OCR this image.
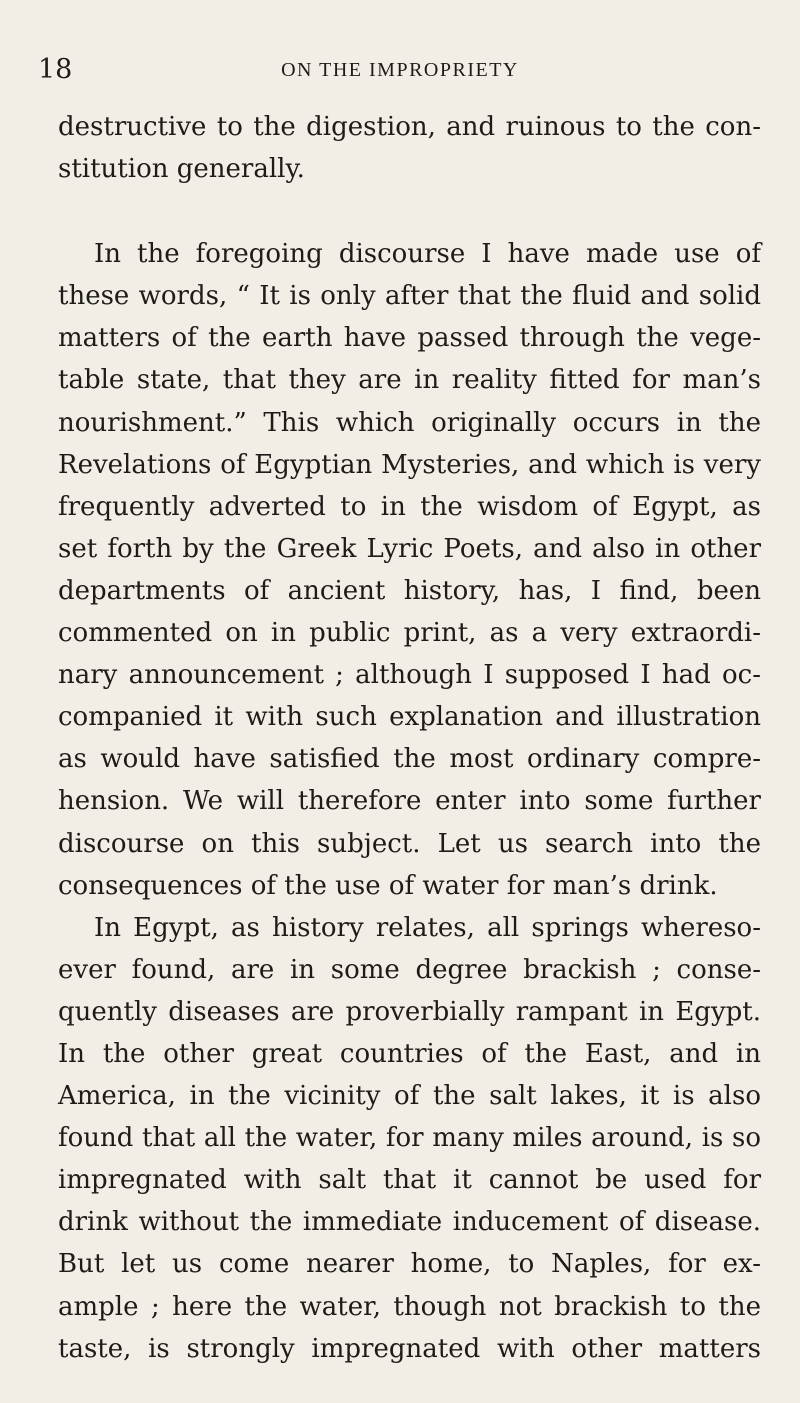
18	ON THE IMPROPRIETY
destructive to the digestion, and ruinous to the con-
stitution generally.
In the foregoing discourse I have made use of
these words, “ It is only after that the fluid and solid
matters of the earth have passed through the vege-
table state, that they are in reality fitted for man’s
nourishment.” This which originally occurs in the
Revelations of Egyptian Mysteries, and which is very
frequently adverted to in the wisdom of Egypt, as
set forth by the Greek Lyric Poets, and also in other
departments of ancient history, has, I find, been
commented on in public print, as a very extraordi-
nary announcement ; although I supposed I had oc-
companied it with such explanation and illustration
as would have satisfied the most ordinary compre-
hension. We will therefore enter into some further
discourse on this subject. Let us search into the
consequences of the use of water for man’s drink.
In Egypt, as history relates, all springs whereso-
ever found, are in some degree brackish ; conse-
quently diseases are proverbially rampant in Egypt.
In the other great countries of the East, and in
America, in the vicinity of the salt lakes, it is also
found that all the water, for many miles around, is so
impregnated with salt that it cannot be used for
drink without the immediate inducement of disease.
But let us come nearer home, to Naples, for ex-
ample ; here the water, though not brackish to the
taste, is strongly impregnated with other matters
